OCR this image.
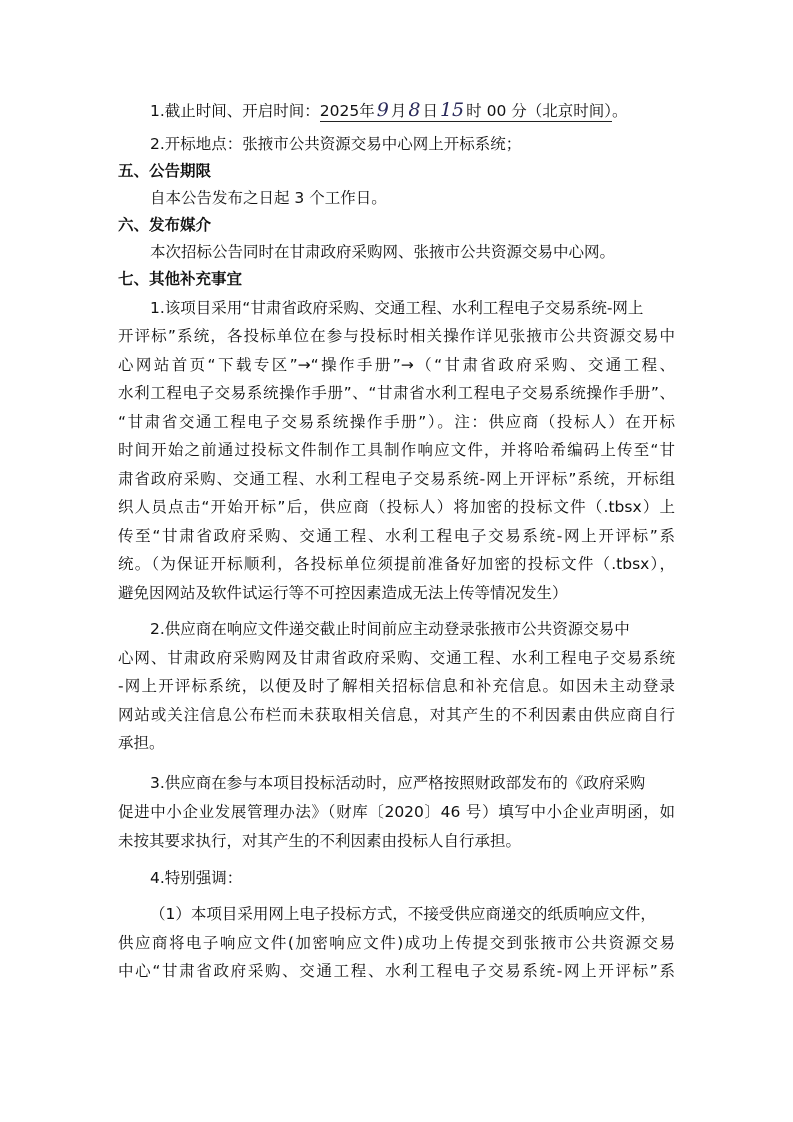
1.截止时间、开启时间：2025年 9 月 8 日 15 时 00 分（北京时间）。

2.开标地点：张掖市公共资源交易中心网上开标系统；

五、公告期限

自本公告发布之日起 3 个工作日。

六、发布媒介

本次招标公告同时在甘肃政府采购网、张掖市公共资源交易中心网。

七、其他补充事宜

1.该项目采用“甘肃省政府采购、交通工程、水利工程电子交易系统-网上

开评标”系统，各投标单位在参与投标时相关操作详见张掖市公共资源交易中

心网站首页“下载专区”→“操作手册”→（“甘肃省政府采购、交通工程、

水利工程电子交易系统操作手册”、“甘肃省水利工程电子交易系统操作手册”、

“甘肃省交通工程电子交易系统操作手册”）。注：供应商（投标人）在开标

时间开始之前通过投标文件制作工具制作响应文件，并将哈希编码上传至“甘

肃省政府采购、交通工程、水利工程电子交易系统-网上开评标”系统，开标组

织人员点击“开始开标”后，供应商（投标人）将加密的投标文件（.tbsx）上

传至“甘肃省政府采购、交通工程、水利工程电子交易系统-网上开评标”系

统。（为保证开标顺利，各投标单位须提前准备好加密的投标文件（.tbsx），

避免因网站及软件试运行等不可控因素造成无法上传等情况发生）

2.供应商在响应文件递交截止时间前应主动登录张掖市公共资源交易中

心网、甘肃政府采购网及甘肃省政府采购、交通工程、水利工程电子交易系统

-网上开评标系统，以便及时了解相关招标信息和补充信息。如因未主动登录

网站或关注信息公布栏而未获取相关信息，对其产生的不利因素由供应商自行

承担。

3.供应商在参与本项目投标活动时，应严格按照财政部发布的《政府采购

促进中小企业发展管理办法》（财库〔2020〕46 号）填写中小企业声明函，如

未按其要求执行，对其产生的不利因素由投标人自行承担。

4.特别强调：

（1）本项目采用网上电子投标方式，不接受供应商递交的纸质响应文件，

供应商将电子响应文件(加密响应文件)成功上传提交到张掖市公共资源交易

中心“甘肃省政府采购、交通工程、水利工程电子交易系统-网上开评标”系
